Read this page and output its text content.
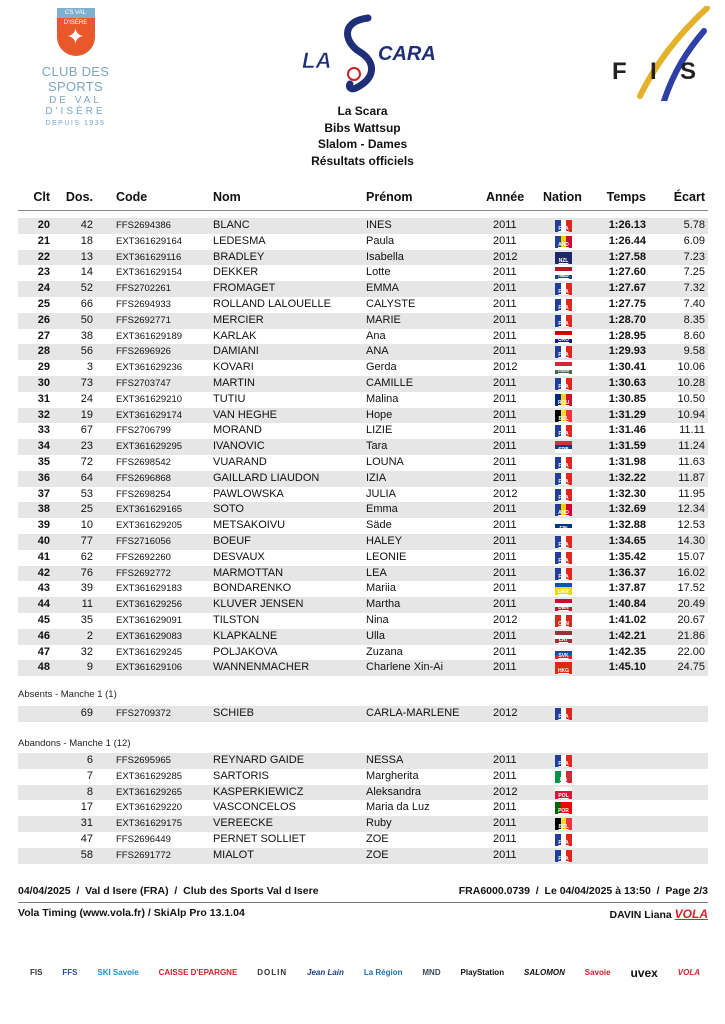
CS VAL D'ISÈRE
✦
CLUB DES SPORTS
DE VAL D'ISÈRE
DEPUIS 1935
LA CARA
F I S
La Scara
Bibs Wattsup
Slalom - Dames
Résultats officiels
Clt	Dos. Code	Nom	Prénom	Année Nation	Temps	Écart
20	42 FFS2694386	BLANC	INES	2011	FRA	1:26.13	5.78
21	18 EXT361629164	LEDESMA	Paula	2011	AND	1:26.44	6.09
22	13 EXT361629116	BRADLEY	Isabella	2012	NZL	1:27.58	7.23
23	14 EXT361629154	DEKKER	Lotte	2011	NED	1:27.60	7.25
24	52 FFS2702261	FROMAGET	EMMA	2011	FRA	1:27.67	7.32
25	66 FFS2694933	ROLLAND LALOUELLE	CALYSTE	2011	FRA	1:27.75	7.40
26	50 FFS2692771	MERCIER	MARIE	2011	FRA	1:28.70	8.35
27	38 EXT361629189	KARLAK	Ana	2011	CRO	1:28.95	8.60
28	56 FFS2696926	DAMIANI	ANA	2011	FRA	1:29.93	9.58
29	3 EXT361629236	KOVARI	Gerda	2012	HUN	1:30.41	10.06
30	73 FFS2703747	MARTIN	CAMILLE	2011	FRA	1:30.63	10.28
31	24 EXT361629210	TUTIU	Malina	2011	ROU	1:30.85	10.50
32	19 EXT361629174	VAN HEGHE	Hope	2011	BEL	1:31.29	10.94
33	67 FFS2706799	MORAND	LIZIE	2011	FRA	1:31.46	11.11
34	23 EXT361629295	IVANOVIC	Tara	2011	SRB	1:31.59	11.24
35	72 FFS2698542	VUARAND	LOUNA	2011	FRA	1:31.98	11.63
36	64 FFS2696868	GAILLARD LIAUDON	IZIA	2011	FRA	1:32.22	11.87
37	53 FFS2698254	PAWLOWSKA	JULIA	2012	FRA	1:32.30	11.95
38	25 EXT361629165	SOTO	Emma	2011	AND	1:32.69	12.34
39	10 EXT361629205	METSAKOIVU	Säde	2011	FIN	1:32.88	12.53
40	77 FFS2716056	BOEUF	HALEY	2011	FRA	1:34.65	14.30
41	62 FFS2692260	DESVAUX	LEONIE	2011	FRA	1:35.42	15.07
42	76 FFS2692772	MARMOTTAN	LEA	2011	FRA	1:36.37	16.02
43	39 EXT361629183	BONDARENKO	Mariia	2011	UKR	1:37.87	17.52
44	11 EXT361629256	KLUVER JENSEN	Martha	2011	DEN	1:40.84	20.49
45	35 EXT361629091	TILSTON	Nina	2012	CAN	1:41.02	20.67
46	2 EXT361629083	KLAPKALNE	Ulla	2011	LAT	1:42.21	21.86
47	32 EXT361629245	POLJAKOVA	Zuzana	2011	SVK	1:42.35	22.00
48	9 EXT361629106	WANNENMACHER	Charlene Xin-Ai	2011	HKG	1:45.10	24.75
Absents - Manche 1 (1)
69 FFS2709372	SCHIEB	CARLA-MARLENE	2012	FRA
Abandons - Manche 1 (12)
6 FFS2695965	REYNARD GAIDE	NESSA	2011	FRA
7 EXT361629285	SARTORIS	Margherita	2011	ITA
8 EXT361629265	KASPERKIEWICZ	Aleksandra	2012	POL
17 EXT361629220	VASCONCELOS	Maria da Luz	2011	POR
31 EXT361629175	VEREECKE	Ruby	2011	BEL
47 FFS2696449	PERNET SOLLIET	ZOE	2011	FRA
58 FFS2691772	MIALOT	ZOE	2011	FRA
04/04/2025  /  Val d Isere (FRA)  /  Club des Sports Val d Isere	FRA6000.0739  /  Le 04/04/2025 à 13:50  /  Page 2/3
Vola Timing (www.vola.fr) / SkiAlp Pro 13.1.04	DAVIN Liana VOLA
FIS FFS SKI Savoie CAISSE D'EPARGNE DOLIN Jean Lain La Région MND PlayStation SALOMON Savoie uvex VOLA
